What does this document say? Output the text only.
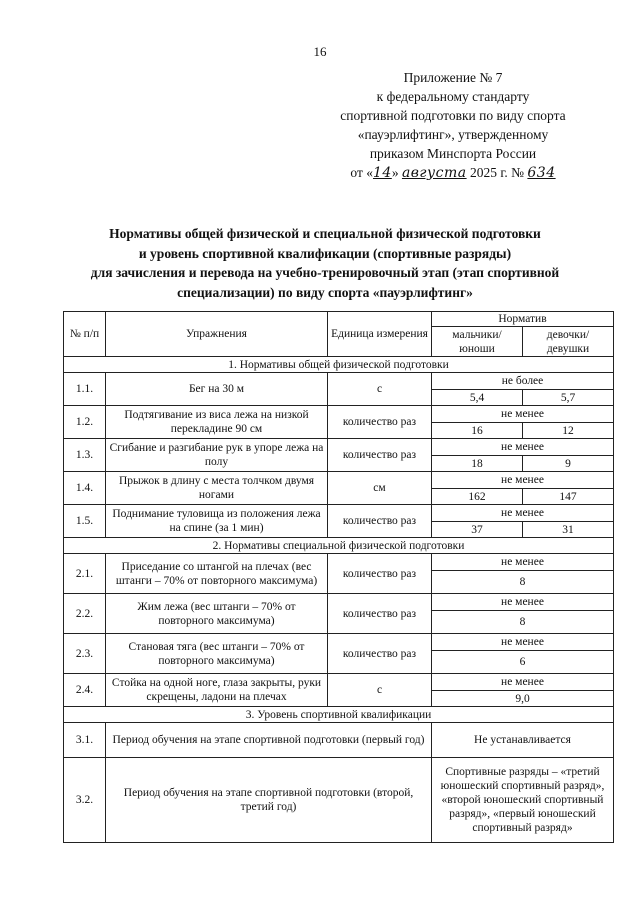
16
Приложение № 7
к федеральному стандарту
спортивной подготовки по виду спорта
«пауэрлифтинг», утвержденному
приказом Минспорта России
от «14» августа 2025 г. № 634
Нормативы общей физической и специальной физической подготовки
и уровень спортивной квалификации (спортивные разряды)
для зачисления и перевода на учебно-тренировочный этап (этап спортивной
специализации) по виду спорта «пауэрлифтинг»
№ п/п	Упражнения	Единица измерения	Норматив	
			мальчики/ юноши	девочки/ девушки
1. Нормативы общей физической подготовки				
1.1.	Бег на 30 м	с	не более	
			5,4	5,7
1.2.	Подтягивание из виса лежа на низкой перекладине 90 см	количество раз	не менее	
			16	12
1.3.	Сгибание и разгибание рук в упоре лежа на полу	количество раз	не менее	
			18	9
1.4.	Прыжок в длину с места толчком двумя ногами	см	не менее	
			162	147
1.5.	Поднимание туловища из положения лежа на спине (за 1 мин)	количество раз	не менее	
			37	31
2. Нормативы специальной физической подготовки				
2.1.	Приседание со штангой на плечах (вес штанги – 70% от повторного максимума)	количество раз	не менее	
			8	
2.2.	Жим лежа (вес штанги – 70% от повторного максимума)	количество раз	не менее	
			8	
2.3.	Становая тяга (вес штанги – 70% от повторного максимума)	количество раз	не менее	
			6	
2.4.	Стойка на одной ноге, глаза закрыты, руки скрещены, ладони на плечах	с	не менее	
			9,0	
3. Уровень спортивной квалификации				
3.1.	Период обучения на этапе спортивной подготовки (первый год)		Не устанавливается	
3.2.	Период обучения на этапе спортивной подготовки (второй, третий год)		Спортивные разряды – «третий юношеский спортивный разряд», «второй юношеский спортивный разряд», «первый юношеский спортивный разряд»	
